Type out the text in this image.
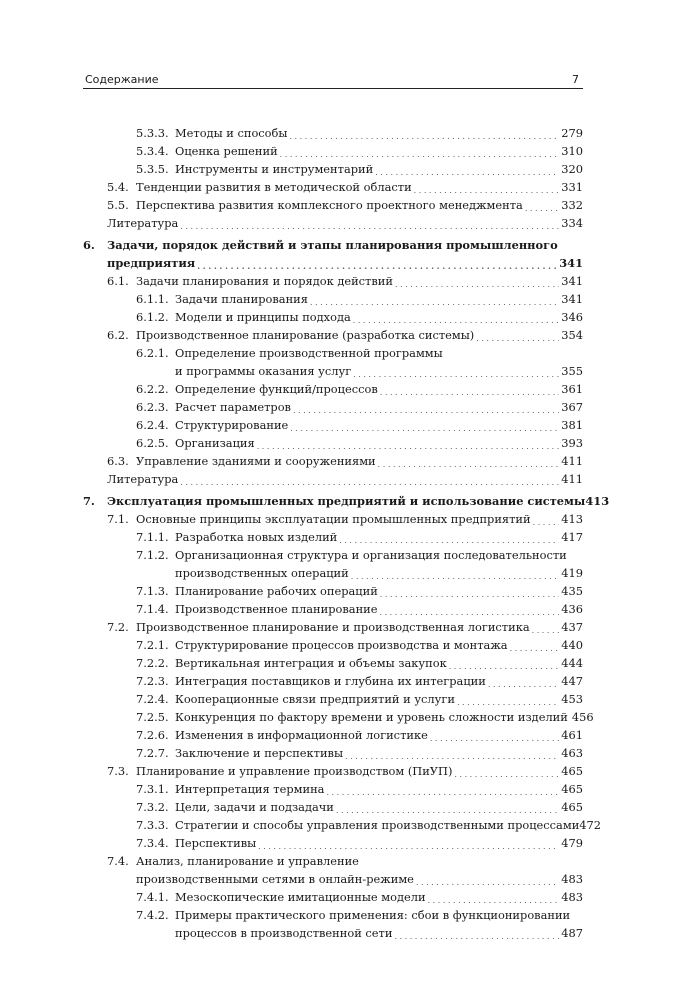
Содержание	7
5.3.3. Методы и способы . . .	279
5.3.4. Оценка решений . . .	310
5.3.5. Инструменты и инструментарий . . .	320
5.4. Тенденции развития в методической области . . .	331
5.5. Перспектива развития комплексного проектного менеджмента . . .	332
Литература . . .	334
6. Задачи, порядок действий и этапы планирования промышленного
предприятия . . .	341
6.1. Задачи планирования и порядок действий . . .	341
6.1.1. Задачи планирования . . .	341
6.1.2. Модели и принципы подхода . . .	346
6.2. Производственное планирование (разработка системы) . . .	354
6.2.1. Определение производственной программы
и программы оказания услуг . . .	355
6.2.2. Определение функций/процессов . . .	361
6.2.3. Расчет параметров . . .	367
6.2.4. Структурирование . . .	381
6.2.5. Организация . . .	393
6.3. Управление зданиями и сооружениями . . .	411
Литература . . .	411
7. Эксплуатация промышленных предприятий и использование системы 413
7.1. Основные принципы эксплуатации промышленных предприятий . . .	413
7.1.1. Разработка новых изделий . . .	417
7.1.2. Организационная структура и организация последовательности
производственных операций . . .	419
7.1.3. Планирование рабочих операций . . .	435
7.1.4. Производственное планирование . . .	436
7.2. Производственное планирование и производственная логистика . . .	437
7.2.1. Структурирование процессов производства и монтажа . . .	440
7.2.2. Вертикальная интеграция и объемы закупок . . .	444
7.2.3. Интеграция поставщиков и глубина их интеграции . . .	447
7.2.4. Кооперационные связи предприятий и услуги . . .	453
7.2.5. Конкуренция по фактору времени и уровень сложности изделий 456
7.2.6. Изменения в информационной логистике . . .	461
7.2.7. Заключение и перспективы . . .	463
7.3. Планирование и управление производством (ПиУП) . . .	465
7.3.1. Интерпретация термина . . .	465
7.3.2. Цели, задачи и подзадачи . . .	465
7.3.3. Стратегии и способы управления производственными процессами 472
7.3.4. Перспективы . . .	479
7.4. Анализ, планирование и управление
производственными сетями в онлайн-режиме . . .	483
7.4.1. Мезоскопические имитационные модели . . .	483
7.4.2. Примеры практического применения: сбои в функционировании
процессов в производственной сети . . .	487
